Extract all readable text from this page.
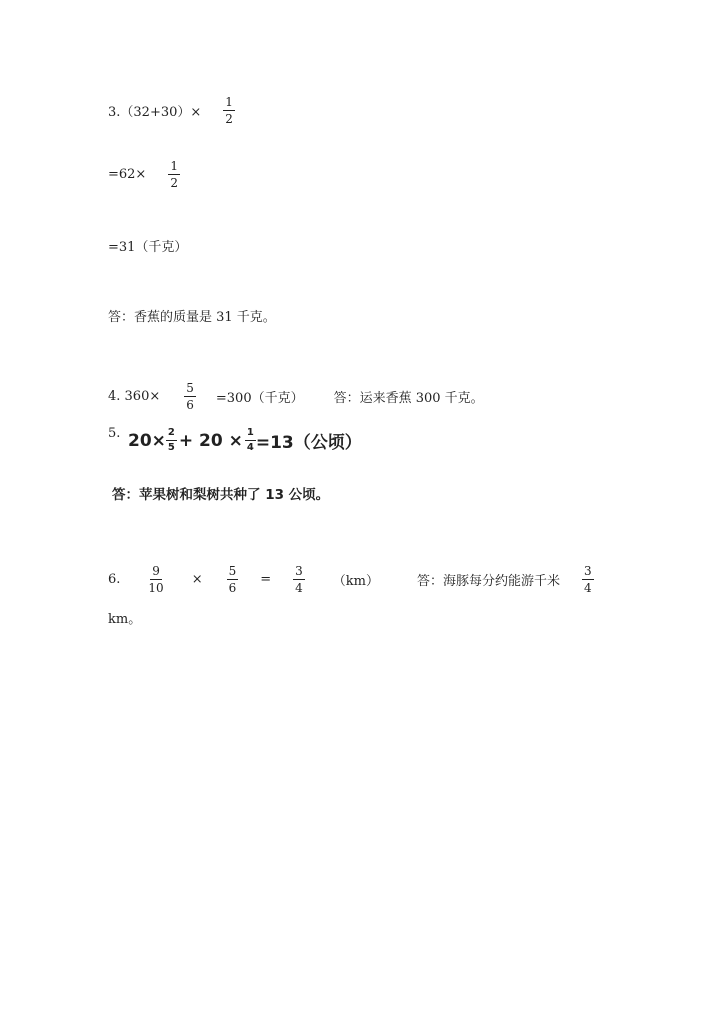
$3.(32+30)\times \frac{1}{2}$
$=62\times \frac{1}{2}$
=31（千克）
答：香蕉的质量是 31 千克。
4. $360\times \frac{5}{6} =300$（千克） 答：运来香蕉 300 千克。
5. $20\times \frac{2}{5} + 20 \times \frac{1}{4} =13$（公顷）
答：苹果树和梨树共种了 13 公顷。
6. $\frac{9}{10} \times \frac{5}{6} = \frac{3}{4} (km)$	答：海豚每分约能游千米 $\frac{3}{4}$
km。
